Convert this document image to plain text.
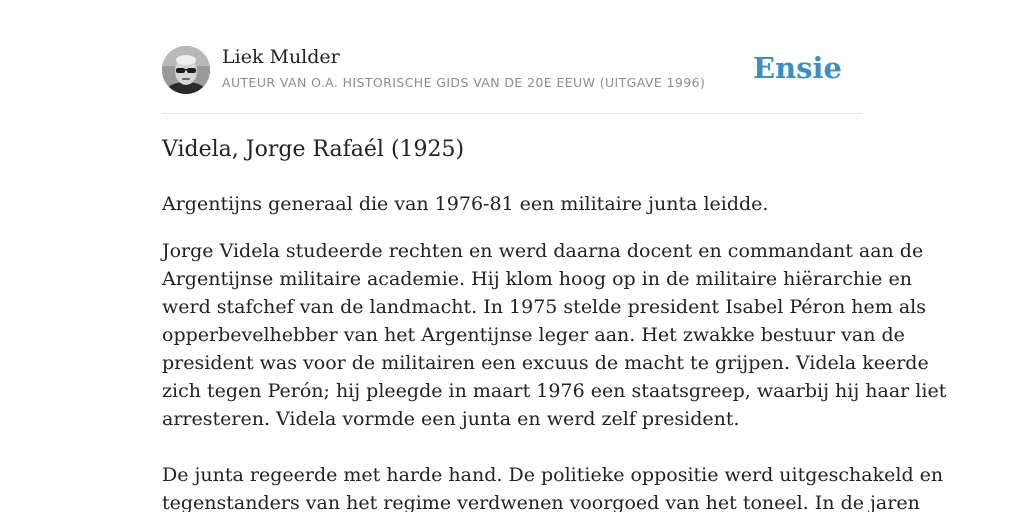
Liek Mulder
AUTEUR VAN O.A. HISTORISCHE GIDS VAN DE 20E EEUW (UITGAVE 1996) Ensie
Videla, Jorge Rafaél (1925)

Argentijns generaal die van 1976-81 een militaire junta leidde.

Jorge Videla studeerde rechten en werd daarna docent en commandant aan de
Argentijnse militaire academie. Hij klom hoog op in de militaire hiërarchie en
werd stafchef van de landmacht. In 1975 stelde president Isabel Péron hem als
opperbevelhebber van het Argentijnse leger aan. Het zwakke bestuur van de
president was voor de militairen een excuus de macht te grijpen. Videla keerde
zich tegen Perón; hij pleegde in maart 1976 een staatsgreep, waarbij hij haar liet
arresteren. Videla vormde een junta en werd zelf president.
De junta regeerde met harde hand. De politieke oppositie werd uitgeschakeld en
tegenstanders van het regime verdwenen voorgoed van het toneel. In de jaren
